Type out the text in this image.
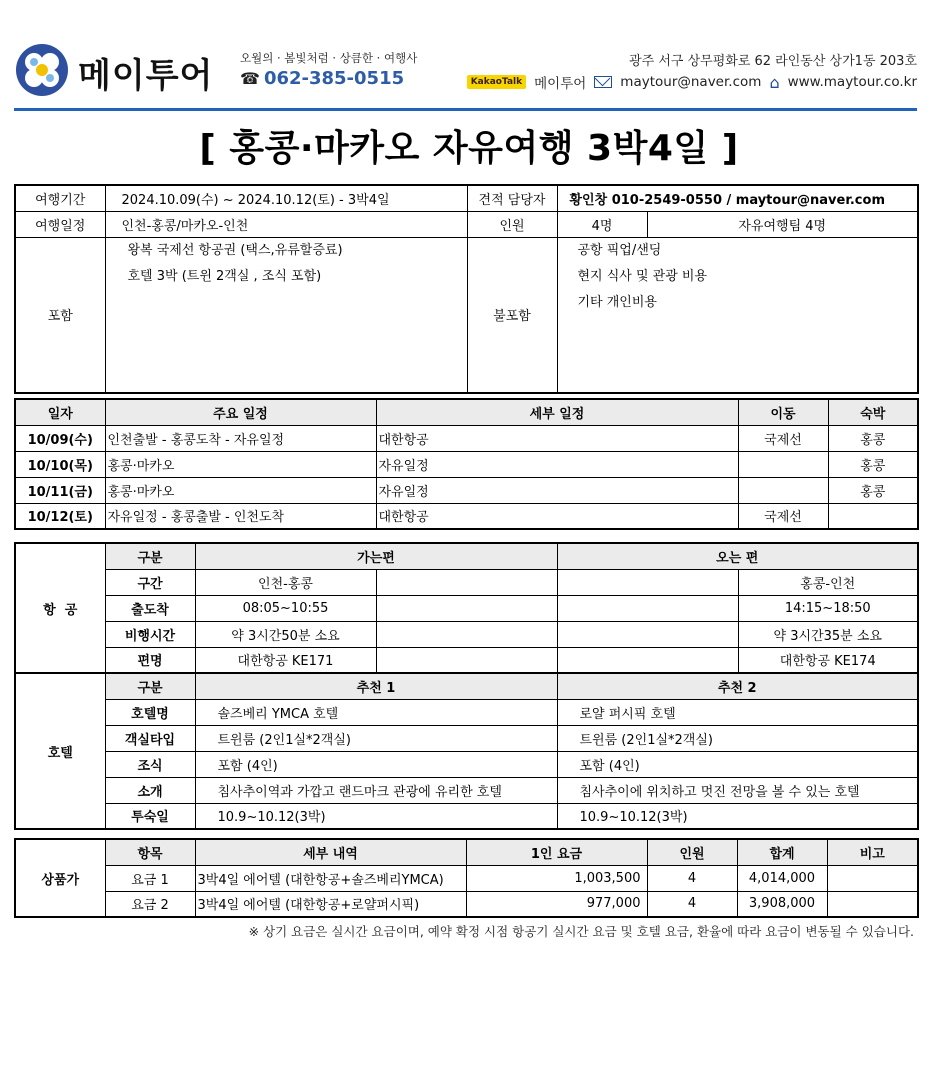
메이투어 오월의 · 봄빛처럼 · 상큼한 · 여행사
☎ 062-385-0515
광주 서구 상무평화로 62 라인동산 상가1동 203호
KakaoTalk 메이투어	maytour@naver.com ⌂ www.maytour.co.kr
[ 홍콩·마카오 자유여행 3박4일 ]
여행기간	2024.10.09(수) ~ 2024.10.12(토) - 3박4일	견적 담당자	황인창 010-2549-0550 / maytour@naver.com	
여행일정	인천-홍콩/마카오-인천	인원	4명	자유여행팀 4명
포함	왕복 국제선 항공권 (택스,유류할증료)
호텔 3박 (트윈 2객실 , 조식 포함)	불포함	공항 픽업/샌딩
현지 식사 및 관광 비용
기타 개인비용	
일자	주요 일정	세부 일정	이동	숙박
10/09(수)	인천출발 - 홍콩도착 - 자유일정	대한항공	국제선	홍콩
10/10(목)	홍콩·마카오	자유일정		홍콩
10/11(금)	홍콩·마카오	자유일정		홍콩
10/12(토)	자유일정 - 홍콩출발 - 인천도착	대한항공	국제선	
항  공	구분	가는편		오는 편	
	구간	인천-홍콩			홍콩-인천
	출도착	08:05~10:55			14:15~18:50
	비행시간	약 3시간50분 소요			약 3시간35분 소요
	편명	대한항공 KE171			대한항공 KE174
호텔	구분	추천 1		추천 2	
	호텔명	솔즈베리 YMCA 호텔		로얄 퍼시픽 호텔	
	객실타입	트윈룸 (2인1실*2객실)		트윈룸 (2인1실*2객실)	
	조식	포함 (4인)		포함 (4인)	
	소개	침사추이역과 가깝고 랜드마크 관광에 유리한 호텔		침사추이에 위치하고 멋진 전망을 볼 수 있는 호텔	
	투숙일	10.9~10.12(3박)		10.9~10.12(3박)	
상품가	항목	세부 내역	1인 요금	인원	합계	비고
	요금 1	3박4일 에어텔 (대한항공+솔즈베리YMCA)	1,003,500	4	4,014,000	
	요금 2	3박4일 에어텔 (대한항공+로얄퍼시픽)	977,000	4	3,908,000	
※ 상기 요금은 실시간 요금이며, 예약 확정 시점 항공기 실시간 요금 및 호텔 요금, 환율에 따라 요금이 변동될 수 있습니다.
